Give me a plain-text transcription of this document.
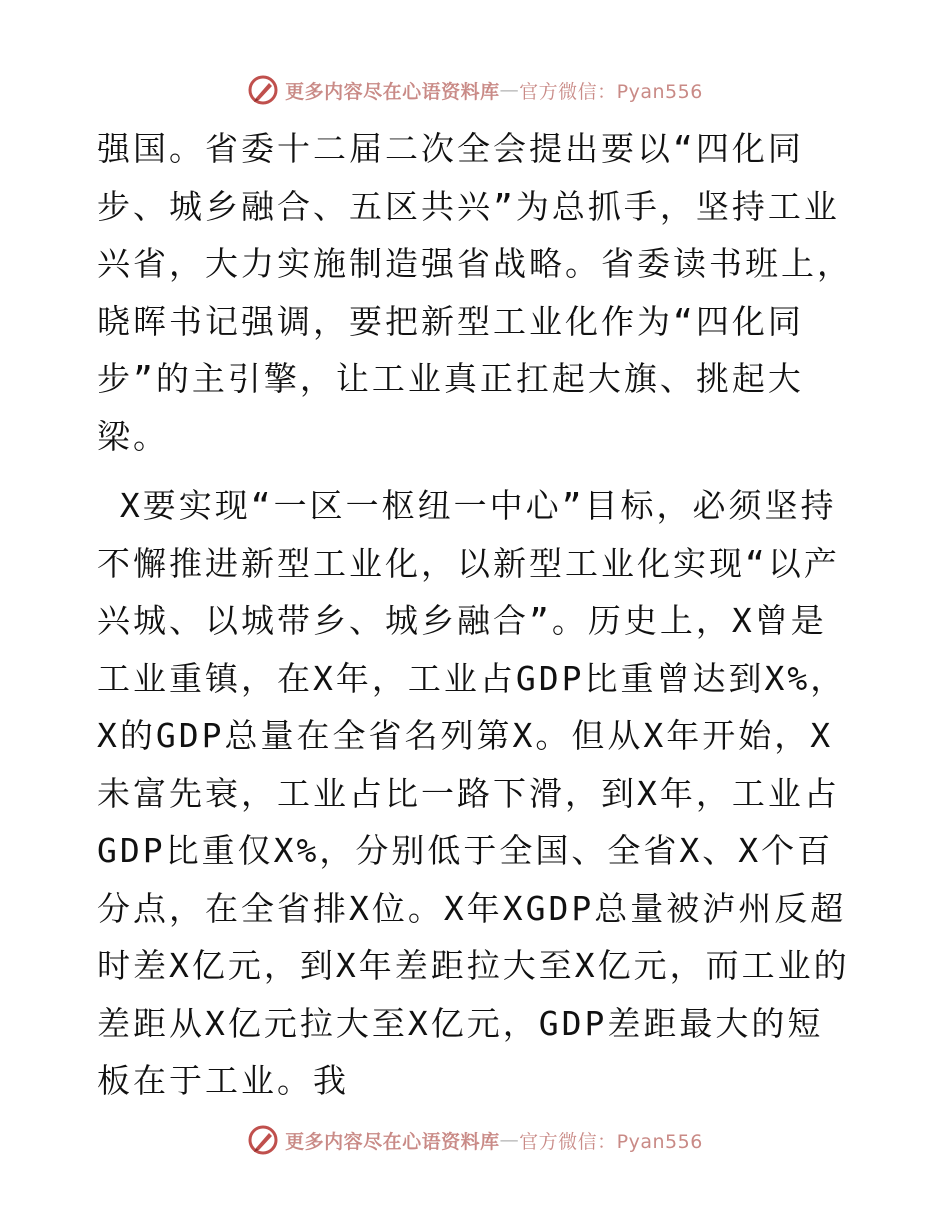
更多内容尽在心语资料库 — 官方微信：Pyan556

强国。省委十二届二次全会提出要以“四化同步、城乡融合、五区共兴”为总抓手，坚持工业兴省，大力实施制造强省战略。省委读书班上，晓晖书记强调，要把新型工业化作为“四化同步”的主引擎，让工业真正扛起大旗、挑起大梁。

X要实现“一区一枢纽一中心”目标，必须坚持不懈推进新型工业化，以新型工业化实现“以产兴城、以城带乡、城乡融合”。历史上，X曾是工业重镇，在X年，工业占GDP比重曾达到X%，X的GDP总量在全省名列第X。但从X年开始，X未富先衰，工业占比一路下滑，到X年，工业占GDP比重仅X%，分别低于全国、全省X、X个百分点，在全省排X位。X年XGDP总量被泸州反超时差X亿元，到X年差距拉大至X亿元，而工业的差距从X亿元拉大至X亿元，GDP差距最大的短板在于工业。我

更多内容尽在心语资料库 — 官方微信：Pyan556
